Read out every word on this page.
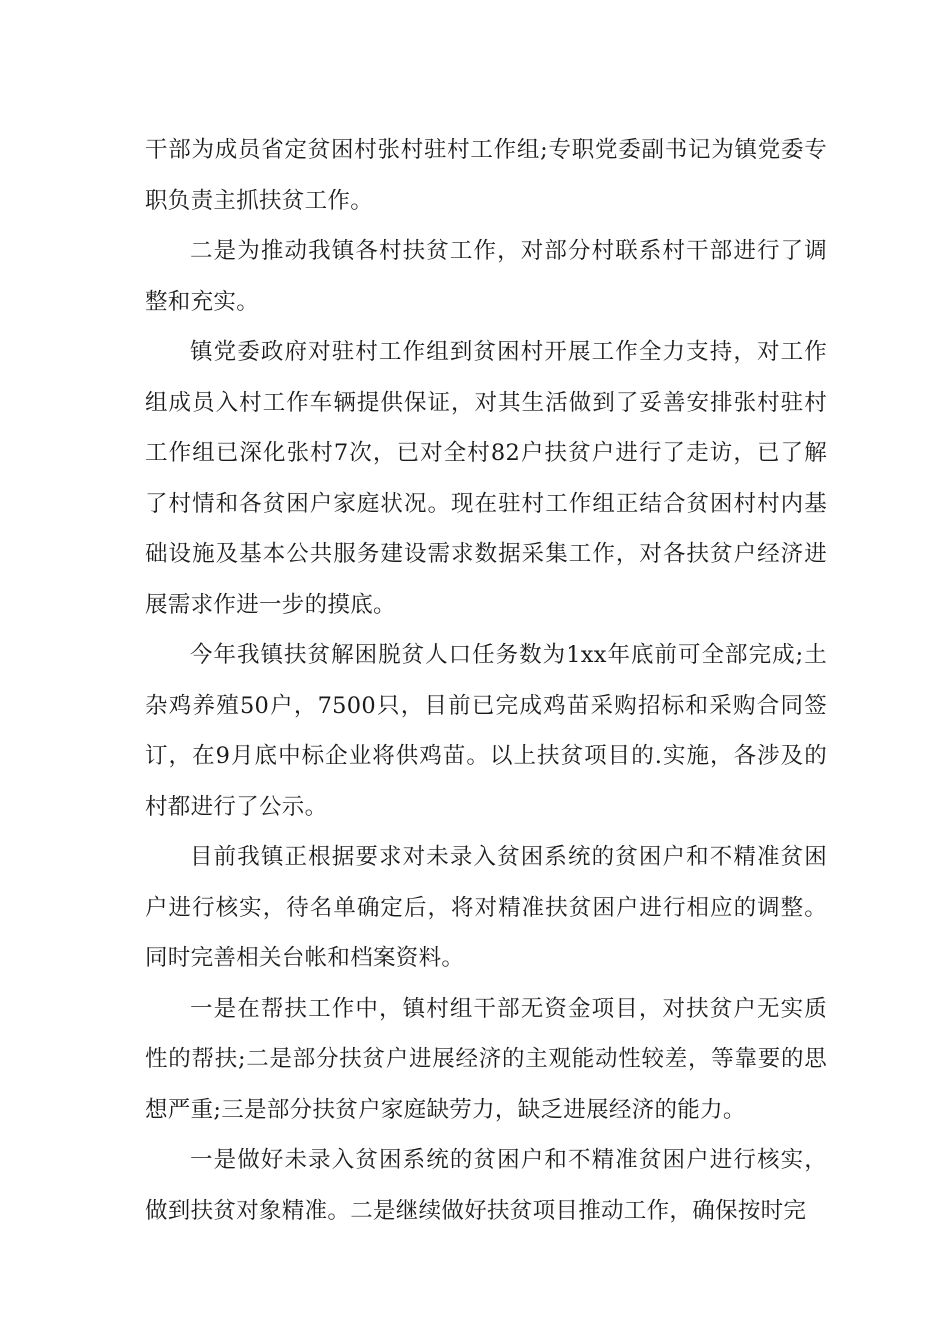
干部为成员省定贫困村张村驻村工作组;专职党委副书记为镇党委专职负责主抓扶贫工作。

二是为推动我镇各村扶贫工作，对部分村联系村干部进行了调整和充实。

镇党委政府对驻村工作组到贫困村开展工作全力支持，对工作组成员入村工作车辆提供保证，对其生活做到了妥善安排张村驻村工作组已深化张村7次，已对全村82户扶贫户进行了走访，已了解了村情和各贫困户家庭状况。现在驻村工作组正结合贫困村村内基础设施及基本公共服务建设需求数据采集工作，对各扶贫户经济进展需求作进一步的摸底。

今年我镇扶贫解困脱贫人口任务数为1xx年底前可全部完成;土杂鸡养殖50户，7500只，目前已完成鸡苗采购招标和采购合同签订，在9月底中标企业将供鸡苗。以上扶贫项目的.实施，各涉及的村都进行了公示。

目前我镇正根据要求对未录入贫困系统的贫困户和不精准贫困户进行核实，待名单确定后，将对精准扶贫困户进行相应的调整。同时完善相关台帐和档案资料。

一是在帮扶工作中，镇村组干部无资金项目，对扶贫户无实质性的帮扶;二是部分扶贫户进展经济的主观能动性较差，等靠要的思想严重;三是部分扶贫户家庭缺劳力，缺乏进展经济的能力。

一是做好未录入贫困系统的贫困户和不精准贫困户进行核实，做到扶贫对象精准。二是继续做好扶贫项目推动工作，确保按时完
